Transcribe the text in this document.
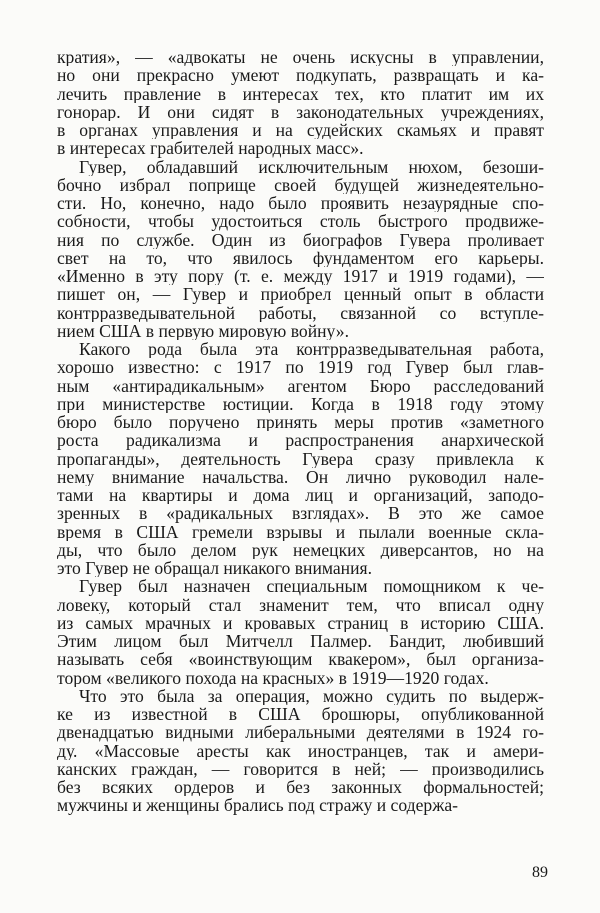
кратия», — «адвокаты не очень искусны в управлении,
но они прекрасно умеют подкупать, развращать и ка-
лечить правление в интересах тех, кто платит им их
гонорар. И они сидят в законодательных учреждениях,
в органах управления и на судейских скамьях и правят
в интересах грабителей народных масс».
Гувер, обладавший исключительным нюхом, безоши-
бочно избрал поприще своей будущей жизнедеятельно-
сти. Но, конечно, надо было проявить незаурядные спо-
собности, чтобы удостоиться столь быстрого продвиже-
ния по службе. Один из биографов Гувера проливает
свет на то, что явилось фундаментом его карьеры.
«Именно в эту пору (т. е. между 1917 и 1919 годами), —
пишет он, — Гувер и приобрел ценный опыт в области
контрразведывательной работы, связанной со вступле-
нием США в первую мировую войну».
Какого рода была эта контрразведывательная работа,
хорошо известно: с 1917 по 1919 год Гувер был глав-
ным «антирадикальным» агентом Бюро расследований
при министерстве юстиции. Когда в 1918 году этому
бюро было поручено принять меры против «заметного
роста радикализма и распространения анархической
пропаганды», деятельность Гувера сразу привлекла к
нему внимание начальства. Он лично руководил нале-
тами на квартиры и дома лиц и организаций, заподо-
зренных в «радикальных взглядах». В это же самое
время в США гремели взрывы и пылали военные скла-
ды, что было делом рук немецких диверсантов, но на
это Гувер не обращал никакого внимания.
Гувер был назначен специальным помощником к че-
ловеку, который стал знаменит тем, что вписал одну
из самых мрачных и кровавых страниц в историю США.
Этим лицом был Митчелл Палмер. Бандит, любивший
называть себя «воинствующим квакером», был организа-
тором «великого похода на красных» в 1919—1920 годах.
Что это была за операция, можно судить по выдерж-
ке из известной в США брошюры, опубликованной
двенадцатью видными либеральными деятелями в 1924 го-
ду. «Массовые аресты как иностранцев, так и амери-
канских граждан, — говорится в ней; — производились
без всяких ордеров и без законных формальностей;
мужчины и женщины брались под стражу и содержа-
89
